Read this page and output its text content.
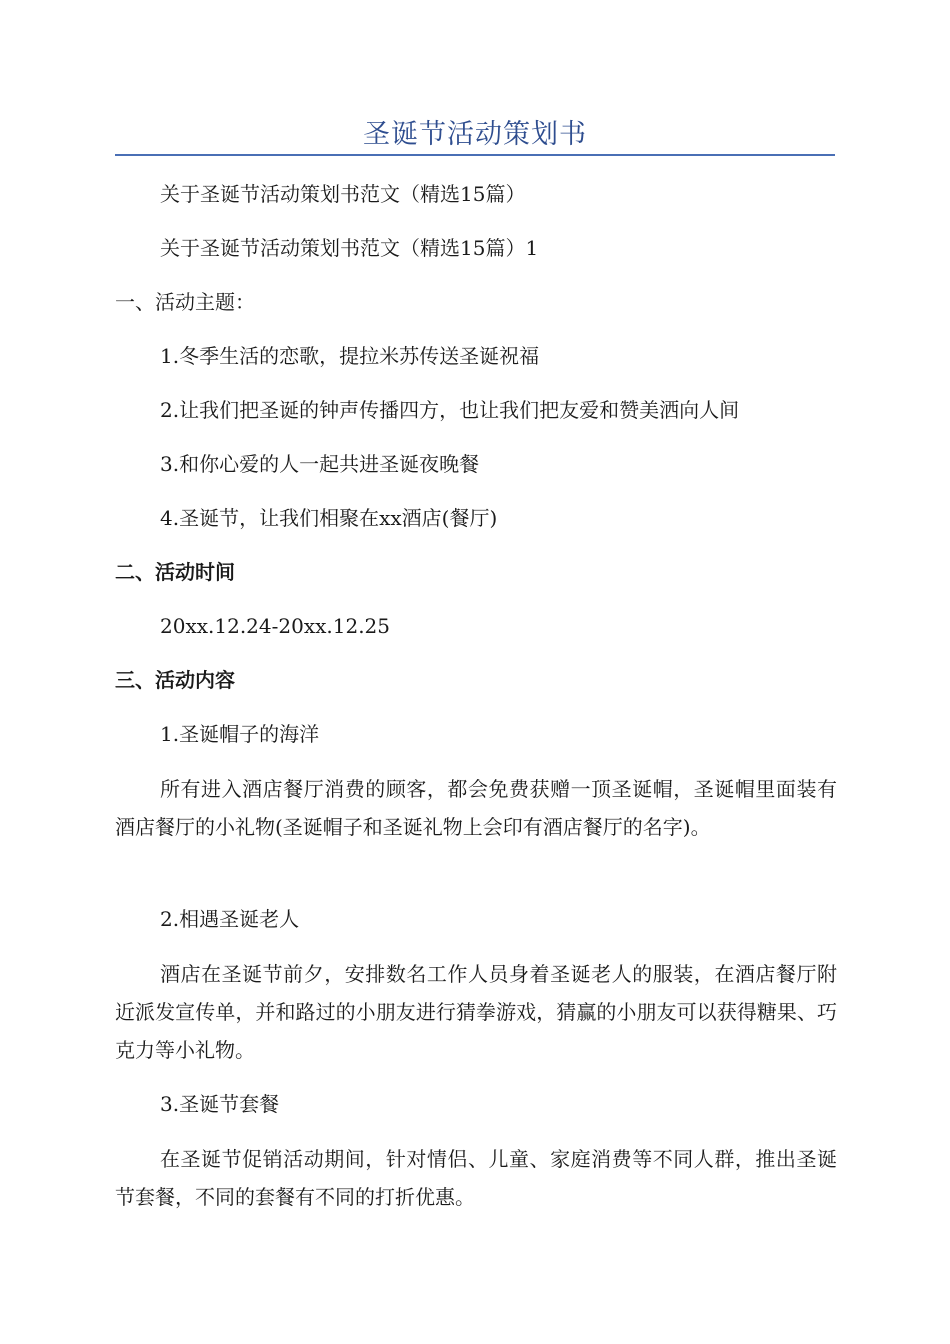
圣诞节活动策划书
关于圣诞节活动策划书范文（精选15篇）
关于圣诞节活动策划书范文（精选15篇）1
一、活动主题：
1.冬季生活的恋歌，提拉米苏传送圣诞祝福
2.让我们把圣诞的钟声传播四方，也让我们把友爱和赞美洒向人间
3.和你心爱的人一起共进圣诞夜晚餐
4.圣诞节，让我们相聚在xx酒店(餐厅)
二、活动时间
20xx.12.24-20xx.12.25
三、活动内容
1.圣诞帽子的海洋
所有进入酒店餐厅消费的顾客，都会免费获赠一顶圣诞帽，圣诞帽里面装有酒店餐厅的小礼物(圣诞帽子和圣诞礼物上会印有酒店餐厅的名字)。
2.相遇圣诞老人
酒店在圣诞节前夕，安排数名工作人员身着圣诞老人的服装，在酒店餐厅附近派发宣传单，并和路过的小朋友进行猜拳游戏，猜赢的小朋友可以获得糖果、巧克力等小礼物。
3.圣诞节套餐
在圣诞节促销活动期间，针对情侣、儿童、家庭消费等不同人群，推出圣诞节套餐，不同的套餐有不同的打折优惠。
